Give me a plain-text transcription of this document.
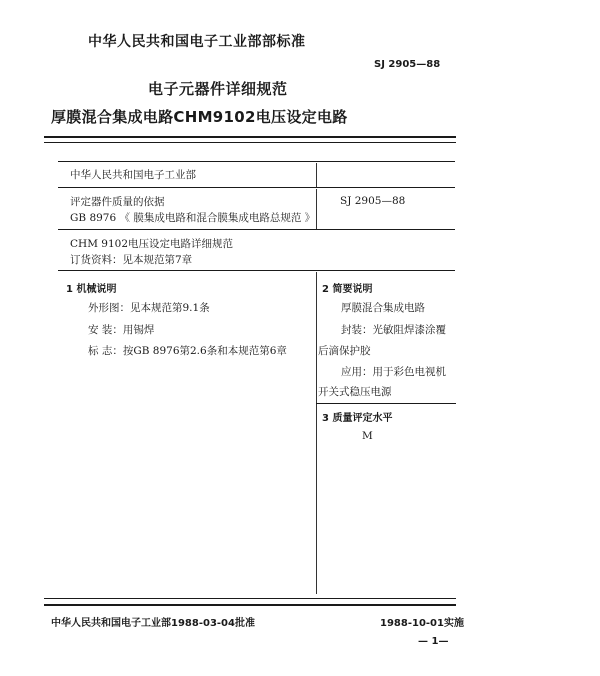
中华人民共和国电子工业部部标准
SJ 2905—88
电子元器件详细规范
厚膜混合集成电路CHM9102电压设定电路
中华人民共和国电子工业部
评定器件质量的依据
GB 8976 《 膜集成电路和混合膜集成电路总规范 》
SJ 2905—88
CHM 9102电压设定电路详细规范
订货资料：见本规范第7章
1 机械说明
外形图：见本规范第9.1条
安 装：用锡焊
标 志：按GB 8976第2.6条和本规范第6章
2 简要说明
厚膜混合集成电路
封装：光敏阻焊漆涂覆
后滴保护胶
应用：用于彩色电视机
开关式稳压电源
3 质量评定水平
M
中华人民共和国电子工业部1988-03-04批准	1988-10-01实施
— 1—
